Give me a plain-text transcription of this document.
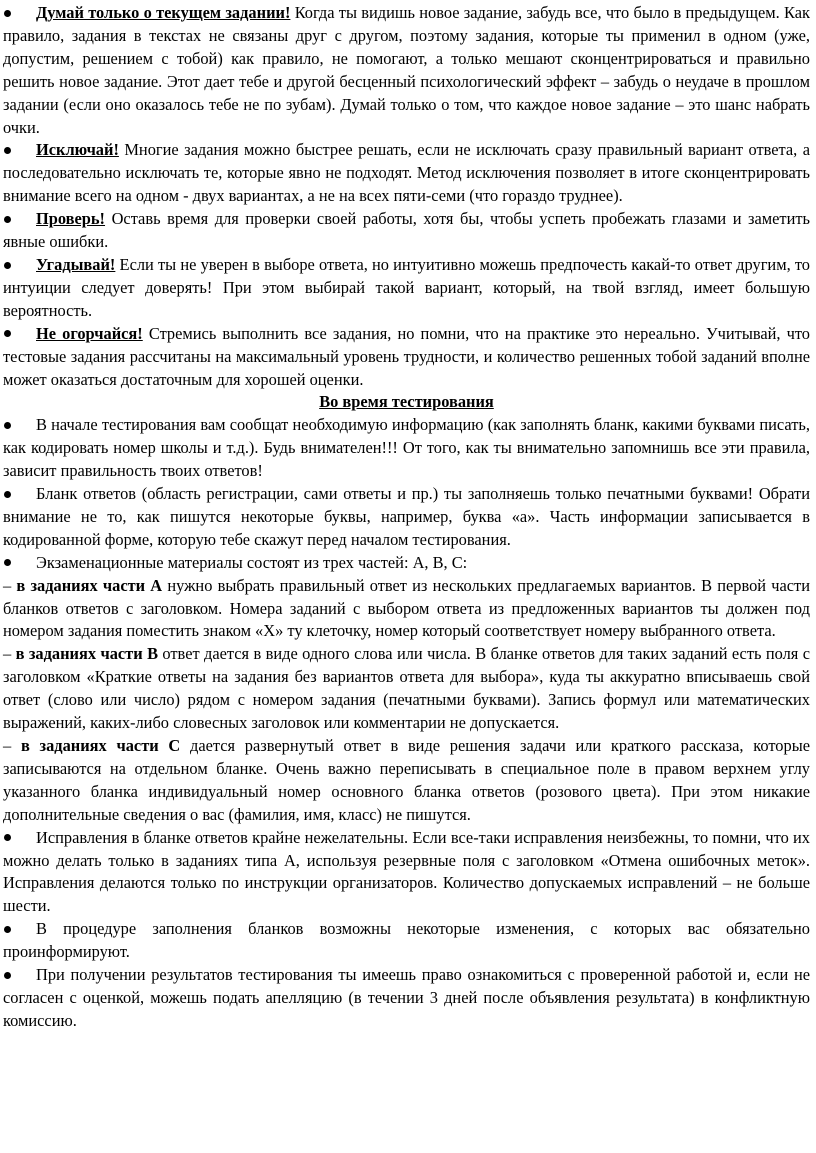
Думай только о текущем задании! Когда ты видишь новое задание, забудь все, что было в предыдущем. Как правило, задания в текстах не связаны друг с другом, поэтому задания, которые ты применил в одном (уже, допустим, решением с тобой) как правило, не помогают, а только мешают сконцентрироваться и правильно решить новое задание. Этот дает тебе и другой бесценный психологический эффект – забудь о неудаче в прошлом задании (если оно оказалось тебе не по зубам). Думай только о том, что каждое новое задание – это шанс набрать очки.

Исключай! Многие задания можно быстрее решать, если не исключать сразу правильный вариант ответа, а последовательно исключать те, которые явно не подходят. Метод исключения позволяет в итоге сконцентрировать внимание всего на одном - двух вариантах, а не на всех пяти-семи (что гораздо труднее).

Проверь! Оставь время для проверки своей работы, хотя бы, чтобы успеть пробежать глазами и заметить явные ошибки.

Угадывай! Если ты не уверен в выборе ответа, но интуитивно можешь предпочесть какай-то ответ другим, то интуиции следует доверять! При этом выбирай такой вариант, который, на твой взгляд, имеет большую вероятность.

Не огорчайся! Стремись выполнить все задания, но помни, что на практике это нереально. Учитывай, что тестовые задания рассчитаны на максимальный уровень трудности, и количество решенных тобой заданий вполне может оказаться достаточным для хорошей оценки.

Во время тестирования

В начале тестирования вам сообщат необходимую информацию (как заполнять бланк, какими буквами писать, как кодировать номер школы и т.д.). Будь внимателен!!! От того, как ты внимательно запомнишь все эти правила, зависит правильность твоих ответов!

Бланк ответов (область регистрации, сами ответы и пр.) ты заполняешь только печатными буквами! Обрати внимание не то, как пишутся некоторые буквы, например, буква «а». Часть информации записывается в кодированной форме, которую тебе скажут перед началом тестирования.

Экзаменационные материалы состоят из трех частей: А, В, С:

– в заданиях части А нужно выбрать правильный ответ из нескольких предлагаемых вариантов. В первой части бланков ответов с заголовком. Номера заданий с выбором ответа из предложенных вариантов ты должен под номером задания поместить знаком «Х» ту клеточку, номер который соответствует номеру выбранного ответа.

– в заданиях части В ответ дается в виде одного слова или числа. В бланке ответов для таких заданий есть поля с заголовком «Краткие ответы на задания без вариантов ответа для выбора», куда ты аккуратно вписываешь свой ответ (слово или число) рядом с номером задания (печатными буквами). Запись формул или математических выражений, каких-либо словесных заголовок или комментарии не допускается.

– в заданиях части С дается развернутый ответ в виде решения задачи или краткого рассказа, которые записываются на отдельном бланке. Очень важно переписывать в специальное поле в правом верхнем углу указанного бланка индивидуальный номер основного бланка ответов (розового цвета). При этом никакие дополнительные сведения о вас (фамилия, имя, класс) не пишутся.

Исправления в бланке ответов крайне нежелательны. Если все-таки исправления неизбежны, то помни, что их можно делать только в заданиях типа А, используя резервные поля с заголовком «Отмена ошибочных меток». Исправления делаются только по инструкции организаторов. Количество допускаемых исправлений – не больше шести.

В процедуре заполнения бланков возможны некоторые изменения, с которых вас обязательно проинформируют.

При получении результатов тестирования ты имеешь право ознакомиться с проверенной работой и, если не согласен с оценкой, можешь подать апелляцию (в течении 3 дней после объявления результата) в конфликтную комиссию.
